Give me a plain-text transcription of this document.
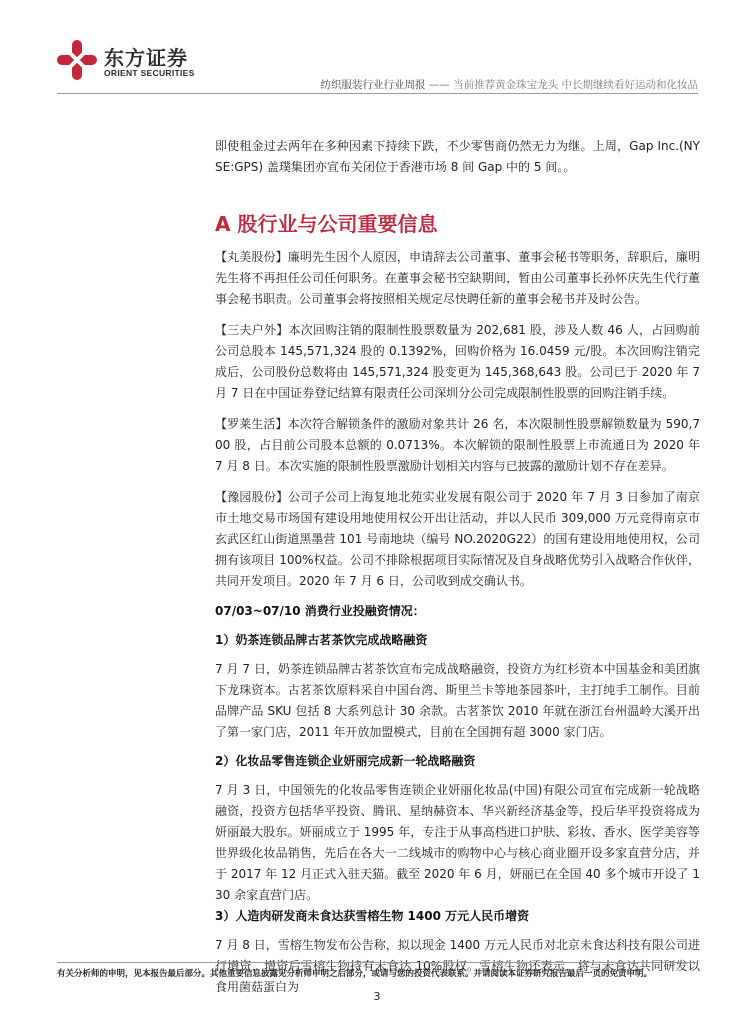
东方证券
ORIENT SECURITIES
纺织服装行业行业周报 —— 当前推荐黄金珠宝龙头 中长期继续看好运动和化妆品

即使租金过去两年在多种因素下持续下跌，不少零售商仍然无力为继。上周，Gap Inc.(NYSE:GPS) 盖璞集团亦宣布关闭位于香港市场 8 间 Gap 中的 5 间。。

A 股行业与公司重要信息

【丸美股份】廉明先生因个人原因，申请辞去公司董事、董事会秘书等职务，辞职后，廉明先生将不再担任公司任何职务。在董事会秘书空缺期间，暂由公司董事长孙怀庆先生代行董事会秘书职责。公司董事会将按照相关规定尽快聘任新的董事会秘书并及时公告。

【三夫户外】本次回购注销的限制性股票数量为 202,681 股，涉及人数 46 人，占回购前公司总股本 145,571,324 股的 0.1392%，回购价格为 16.0459 元/股。本次回购注销完成后，公司股份总数将由 145,571,324 股变更为 145,368,643 股。公司已于 2020 年 7 月 7 日在中国证券登记结算有限责任公司深圳分公司完成限制性股票的回购注销手续。

【罗莱生活】本次符合解锁条件的激励对象共计 26 名，本次限制性股票解锁数量为 590,700 股，占目前公司股本总额的 0.0713%。本次解锁的限制性股票上市流通日为 2020 年 7 月 8 日。本次实施的限制性股票激励计划相关内容与已披露的激励计划不存在差异。

【豫园股份】公司子公司上海复地北苑实业发展有限公司于 2020 年 7 月 3 日参加了南京市土地交易市场国有建设用地使用权公开出让活动，并以人民币 309,000 万元竞得南京市玄武区红山街道黑墨营 101 号南地块（编号 NO.2020G22）的国有建设用地使用权，公司拥有该项目 100%权益。公司不排除根据项目实际情况及自身战略优势引入战略合作伙伴，共同开发项目。2020 年 7 月 6 日，公司收到成交确认书。

07/03~07/10 消费行业投融资情况：

1）奶茶连锁品牌古茗茶饮完成战略融资

7 月 7 日，奶茶连锁品牌古茗茶饮宣布完成战略融资，投资方为红杉资本中国基金和美团旗下龙珠资本。古茗茶饮原料采自中国台湾、斯里兰卡等地茶园茶叶，主打纯手工制作。目前品牌产品 SKU 包括 8 大系列总计 30 余款。古茗茶饮 2010 年就在浙江台州温岭大溪开出了第一家门店，2011 年开放加盟模式，目前在全国拥有超 3000 家门店。

2）化妆品零售连锁企业妍丽完成新一轮战略融资

7 月 3 日，中国领先的化妆品零售连锁企业妍丽化妆品(中国)有限公司宣布完成新一轮战略融资，投资方包括华平投资、腾讯、星纳赫资本、华兴新经济基金等，投后华平投资将成为妍丽最大股东。妍丽成立于 1995 年，专注于从事高档进口护肤、彩妆、香水、医学美容等世界级化妆品销售，先后在各大一二线城市的购物中心与核心商业圈开设多家直营分店，并于 2017 年 12 月正式入驻天猫。截至 2020 年 6 月，妍丽已在全国 40 多个城市开设了 130 余家直营门店。

3）人造肉研发商未食达获雪榕生物 1400 万元人民币增资

7 月 8 日，雪榕生物发布公告称，拟以现金 1400 万元人民币对北京未食达科技有限公司进行增资，增资后雪榕生物持有未食达 10%股权。雪榕生物还表示，将与未食达共同研发以食用菌菇蛋白为

有关分析师的申明，见本报告最后部分。其他重要信息披露见分析师申明之后部分，或请与您的投资代表联系。并请阅读本证券研究报告最后一页的免责申明。
3
